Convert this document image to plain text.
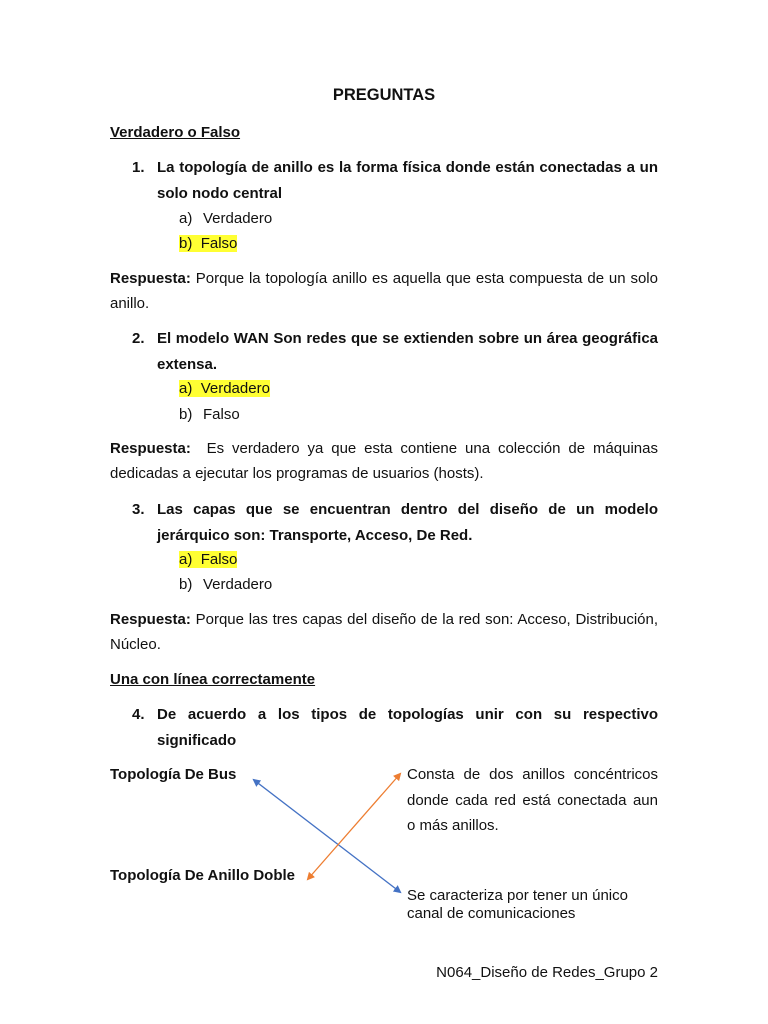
PREGUNTAS
Verdadero o Falso
1. La topología de anillo es la forma física donde están conectadas a un
solo nodo central
a) Verdadero
b) Falso
Respuesta: Porque la topología anillo es aquella que esta compuesta de un solo
anillo.
2. El modelo WAN Son redes que se extienden sobre un área geográfica
extensa.
a) Verdadero
b) Falso
Respuesta: Es verdadero ya que esta contiene una colección de máquinas
dedicadas a ejecutar los programas de usuarios (hosts).
3. Las capas que se encuentran dentro del diseño de un modelo
jerárquico son: Transporte, Acceso, De Red.
a) Falso
b) Verdadero
Respuesta: Porque las tres capas del diseño de la red son: Acceso, Distribución,
Núcleo.
Una con línea correctamente
4. De acuerdo a los tipos de topologías unir con su respectivo
significado
Topología De Bus
Topología De Anillo Doble
Consta de dos anillos concéntricos
donde cada red está conectada aun
o más anillos.
Se caracteriza por tener un único
canal de comunicaciones
N064_Diseño de Redes_Grupo 2
